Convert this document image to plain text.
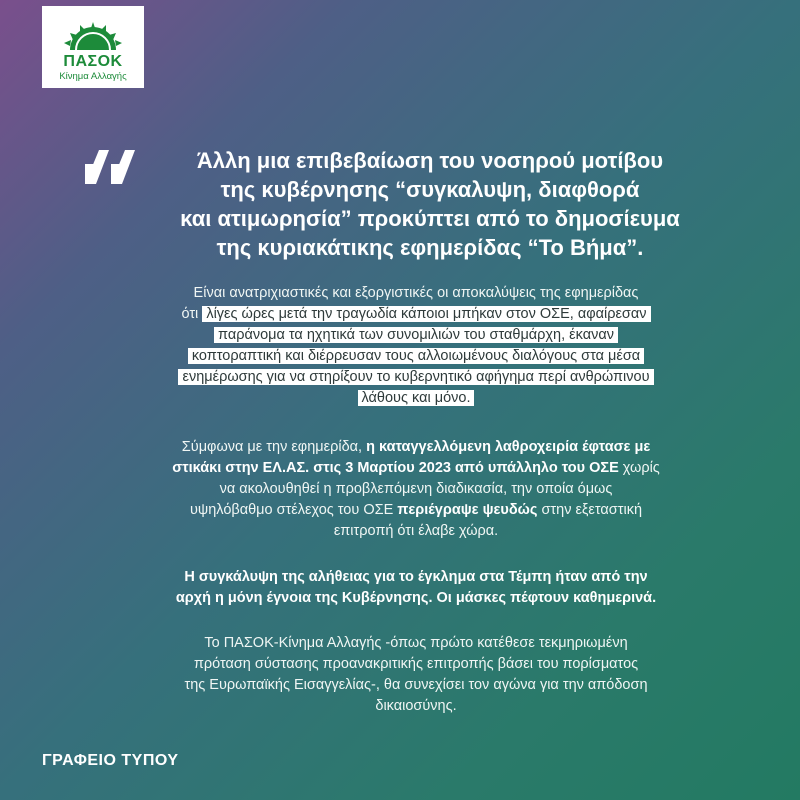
ΠΑΣΟΚ
Κίνημα Αλλαγής
Άλλη μια επιβεβαίωση του νοσηρού μοτίβου
της κυβέρνησης “συγκαλυψη, διαφθορά
και ατιμωρησία” προκύπτει από το δημοσίευμα
της κυριακάτικης εφημερίδας “Το Βήμα”.

Είναι ανατριχιαστικές και εξοργιστικές οι αποκαλύψεις της εφημερίδας
ότι λίγες ώρες μετά την τραγωδία κάποιοι μπήκαν στον ΟΣΕ, αφαίρεσαν
παράνομα τα ηχητικά των συνομιλιών του σταθμάρχη, έκαναν
κοπτοραπτική και διέρρευσαν τους αλλοιωμένους διαλόγους στα μέσα
ενημέρωσης για να στηρίξουν το κυβερνητικό αφήγημα περί ανθρώπινου
λάθους και μόνο.

Σύμφωνα με την εφημερίδα, η καταγγελλόμενη λαθροχειρία έφτασε με
στικάκι στην ΕΛ.ΑΣ. στις 3 Μαρτίου 2023 από υπάλληλο του ΟΣΕ χωρίς
να ακολουθηθεί η προβλεπόμενη διαδικασία, την οποία όμως
υψηλόβαθμο στέλεχος του ΟΣΕ περιέγραψε ψευδώς στην εξεταστική
επιτροπή ότι έλαβε χώρα.

Η συγκάλυψη της αλήθειας για το έγκλημα στα Τέμπη ήταν από την
αρχή η μόνη έγνοια της Κυβέρνησης. Οι μάσκες πέφτουν καθημερινά.

Το ΠΑΣΟΚ-Κίνημα Αλλαγής -όπως πρώτο κατέθεσε τεκμηριωμένη
πρόταση σύστασης προανακριτικής επιτροπής βάσει του πορίσματος
της Ευρωπαϊκής Εισαγγελίας-, θα συνεχίσει τον αγώνα για την απόδοση
δικαιοσύνης.

ΓΡΑΦΕΙΟ ΤΥΠΟΥ
